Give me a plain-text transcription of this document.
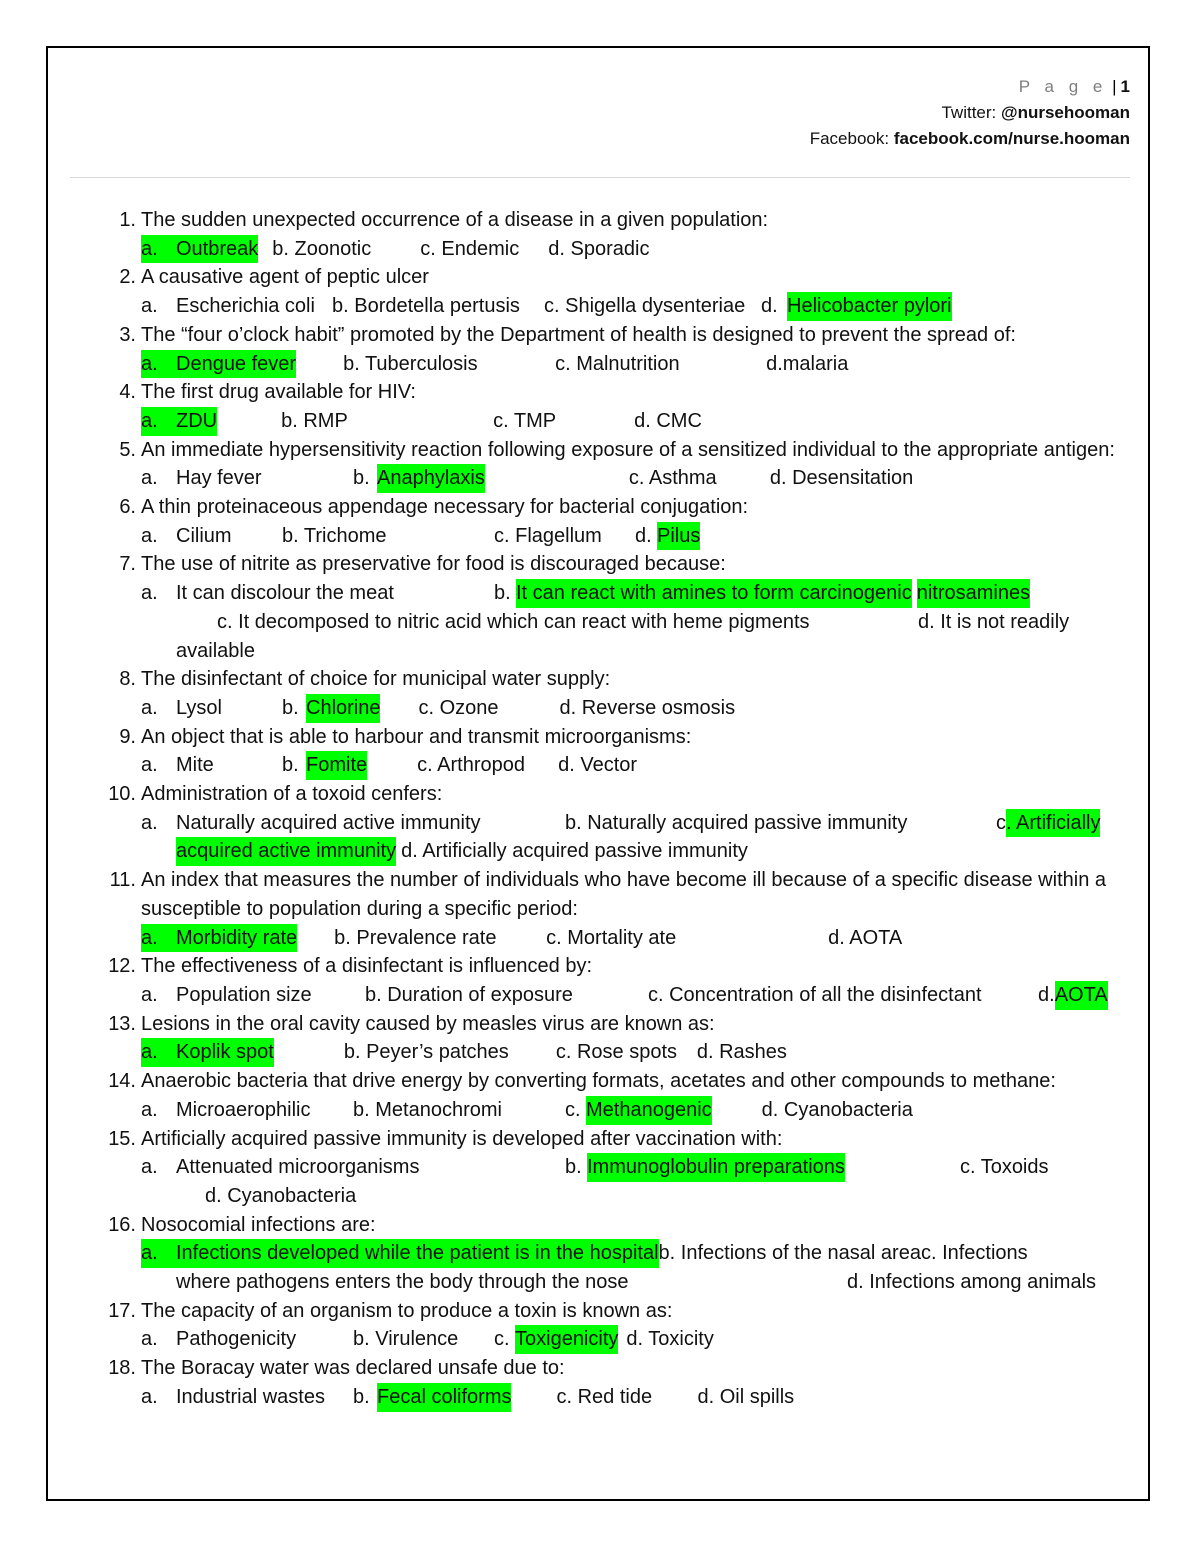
P a g e | 1
Twitter: @nursehooman
Facebook: facebook.com/nurse.hooman
1. The sudden unexpected occurrence of a disease in a given population:
a. Outbreak b. Zoonotic	c. Endemic	d. Sporadic
2. A causative agent of peptic ulcer
a. Escherichia coli b. Bordetella pertusis	c. Shigella dysenteriae d. Helicobacter pylori
3. The “four o’clock habit” promoted by the Department of health is designed to prevent the spread of:
a. Dengue fever b. Tuberculosis	c. Malnutrition	d.malaria
4. The first drug available for HIV:
a. ZDU	b. RMP	c. TMP	d. CMC
5. An immediate hypersensitivity reaction following exposure of a sensitized individual to the appropriate antigen:
a. Hay fever	b. Anaphylaxis	c. Asthma	d. Desensitation
6. A thin proteinaceous appendage necessary for bacterial conjugation:
a. Cilium	b. Trichome	c. Flagellum	d. Pilus
7. The use of nitrite as preservative for food is discouraged because:
a. It can discolour the meat	b. It can react with amines to form carcinogenic nitrosamines
c. It decomposed to nitric acid which can react with heme pigments	d. It is not readily
available
8. The disinfectant of choice for municipal water supply:
a. Lysol	b. Chlorine c. Ozone	d. Reverse osmosis
9. An object that is able to harbour and transmit microorganisms:
a. Mite	b. Fomite	c. Arthropod	d. Vector
10. Administration of a toxoid cenfers:
a. Naturally acquired active immunity	b. Naturally acquired passive immunity	c . Artificially
acquired active immunity d. Artificially acquired passive immunity
11. An index that measures the number of individuals who have become ill because of a specific disease within a susceptible to population during a specific period:
a. Morbidity rate b. Prevalence rate	c. Mortality ate	d. AOTA
12. The effectiveness of a disinfectant is influenced by:
a. Population size	b. Duration of exposure	c. Concentration of all the disinfectant	d. AOTA
13. Lesions in the oral cavity caused by measles virus are known as:
a. Koplik spot	b. Peyer’s patches	c. Rose spots d. Rashes
14. Anaerobic bacteria that drive energy by converting formats, acetates and other compounds to methane:
a. Microaerophilic	b. Metanochromi	c. Methanogenic	d. Cyanobacteria
15. Artificially acquired passive immunity is developed after vaccination with:
a. Attenuated microorganisms	b. Immunoglobulin preparations	c. Toxoids
d. Cyanobacteria
16. Nosocomial infections are:
a. Infections developed while the patient is in the hospital b. Infections of the nasal area c. Infections
where pathogens enters the body through the nose	d. Infections among animals
17. The capacity of an organism to produce a toxin is known as:
a. Pathogenicity	b. Virulence	c. Toxigenicity d. Toxicity
18. The Boracay water was declared unsafe due to:
a. Industrial wastes	b. Fecal coliforms c. Red tide	d. Oil spills
